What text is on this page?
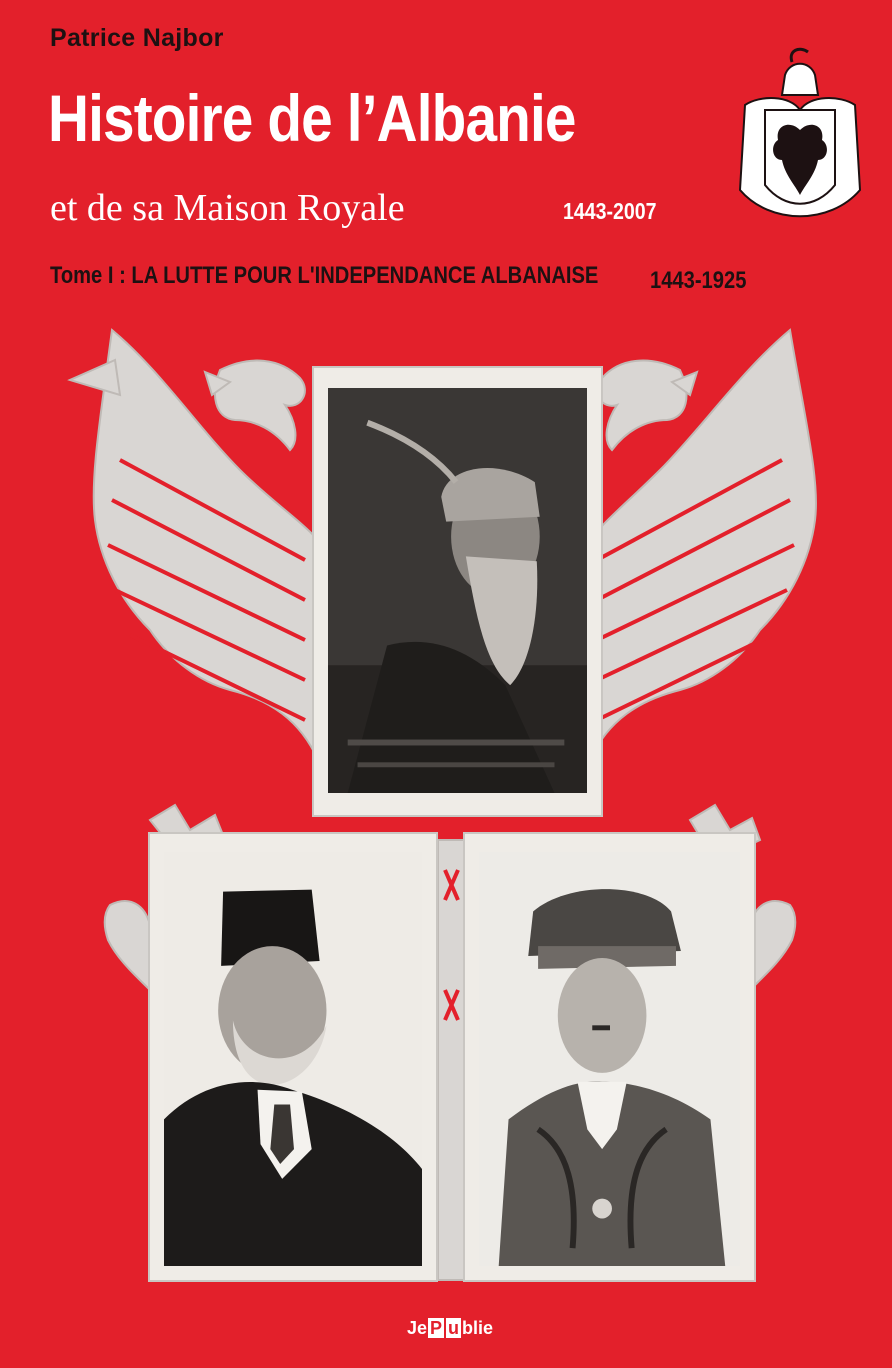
Patrice Najbor
Histoire de l’Albanie
et de sa Maison Royale	1443-2007
Tome I : LA LUTTE POUR L'INDEPENDANCE ALBANAISE 1443-1925
Je P u blie
